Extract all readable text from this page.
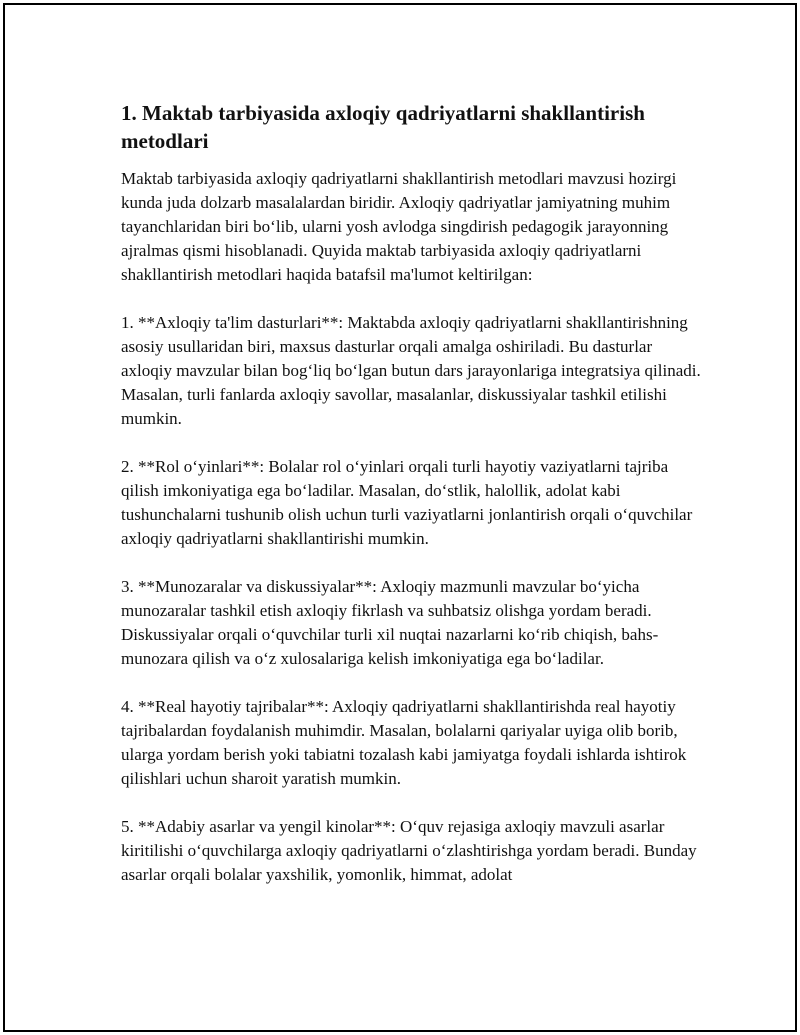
1. Maktab tarbiyasida axloqiy qadriyatlarni shakllantirish metodlari

Maktab tarbiyasida axloqiy qadriyatlarni shakllantirish metodlari mavzusi hozirgi kunda juda dolzarb masalalardan biridir. Axloqiy qadriyatlar jamiyatning muhim tayanchlaridan biri bo‘lib, ularni yosh avlodga singdirish pedagogik jarayonning ajralmas qismi hisoblanadi. Quyida maktab tarbiyasida axloqiy qadriyatlarni shakllantirish metodlari haqida batafsil ma'lumot keltirilgan:

1. **Axloqiy ta'lim dasturlari**: Maktabda axloqiy qadriyatlarni shakllantirishning asosiy usullaridan biri, maxsus dasturlar orqali amalga oshiriladi. Bu dasturlar axloqiy mavzular bilan bog‘liq bo‘lgan butun dars jarayonlariga integratsiya qilinadi. Masalan, turli fanlarda axloqiy savollar, masalanlar, diskussiyalar tashkil etilishi mumkin.

2. **Rol o‘yinlari**: Bolalar rol o‘yinlari orqali turli hayotiy vaziyatlarni tajriba qilish imkoniyatiga ega bo‘ladilar. Masalan, do‘stlik, halollik, adolat kabi tushunchalarni tushunib olish uchun turli vaziyatlarni jonlantirish orqali o‘quvchilar axloqiy qadriyatlarni shakllantirishi mumkin.

3. **Munozaralar va diskussiyalar**: Axloqiy mazmunli mavzular bo‘yicha munozaralar tashkil etish axloqiy fikrlash va suhbatsiz olishga yordam beradi. Diskussiyalar orqali o‘quvchilar turli xil nuqtai nazarlarni ko‘rib chiqish, bahs-munozara qilish va o‘z xulosalariga kelish imkoniyatiga ega bo‘ladilar.

4. **Real hayotiy tajribalar**: Axloqiy qadriyatlarni shakllantirishda real hayotiy tajribalardan foydalanish muhimdir. Masalan, bolalarni qariyalar uyiga olib borib, ularga yordam berish yoki tabiatni tozalash kabi jamiyatga foydali ishlarda ishtirok qilishlari uchun sharoit yaratish mumkin.

5. **Adabiy asarlar va yengil kinolar**: O‘quv rejasiga axloqiy mavzuli asarlar kiritilishi o‘quvchilarga axloqiy qadriyatlarni o‘zlashtirishga yordam beradi. Bunday asarlar orqali bolalar yaxshilik, yomonlik, himmat, adolat
